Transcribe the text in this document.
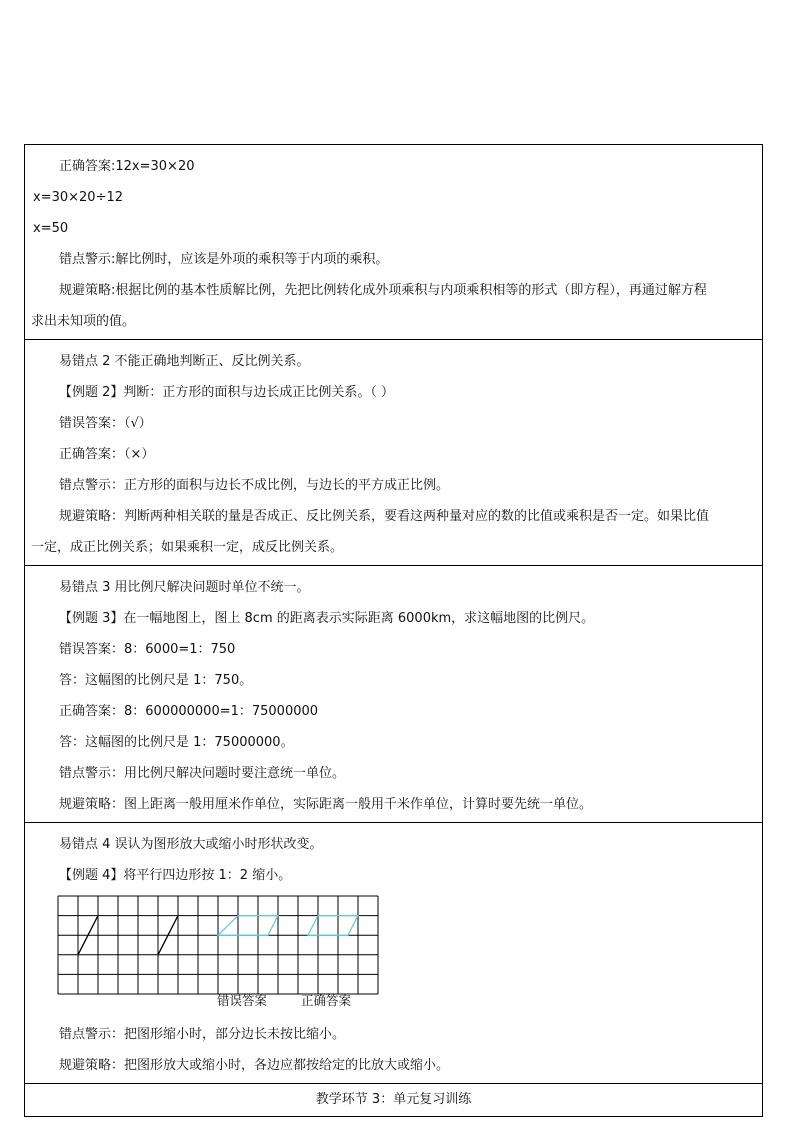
正确答案:12x=30×20

x=30×20÷12

x=50

错点警示:解比例时，应该是外项的乘积等于内项的乘积。

规避策略:根据比例的基本性质解比例，先把比例转化成外项乘积与内项乘积相等的形式（即方程），再通过解方程

求出未知项的值。

易错点 2 不能正确地判断正、反比例关系。

【例题 2】判断：正方形的面积与边长成正比例关系。（ ）

错误答案：（√）

正确答案：（×）

错点警示：正方形的面积与边长不成比例，与边长的平方成正比例。

规避策略：判断两种相关联的量是否成正、反比例关系，要看这两种量对应的数的比值或乘积是否一定。如果比值

一定，成正比例关系；如果乘积一定，成反比例关系。

易错点 3 用比例尺解决问题时单位不统一。

【例题 3】在一幅地图上，图上 8cm 的距离表示实际距离 6000km，求这幅地图的比例尺。

错误答案：8：6000=1：750

答：这幅图的比例尺是 1：750。

正确答案：8：600000000=1：75000000

答：这幅图的比例尺是 1：75000000。

错点警示：用比例尺解决问题时要注意统一单位。

规避策略：图上距离一般用厘米作单位，实际距离一般用千米作单位，计算时要先统一单位。

易错点 4 误认为图形放大或缩小时形状改变。

【例题 4】将平行四边形按 1：2 缩小。

错误答案	正确答案

错点警示：把图形缩小时，部分边长未按比缩小。

规避策略：把图形放大或缩小时，各边应都按给定的比放大或缩小。

教学环节 3：单元复习训练
